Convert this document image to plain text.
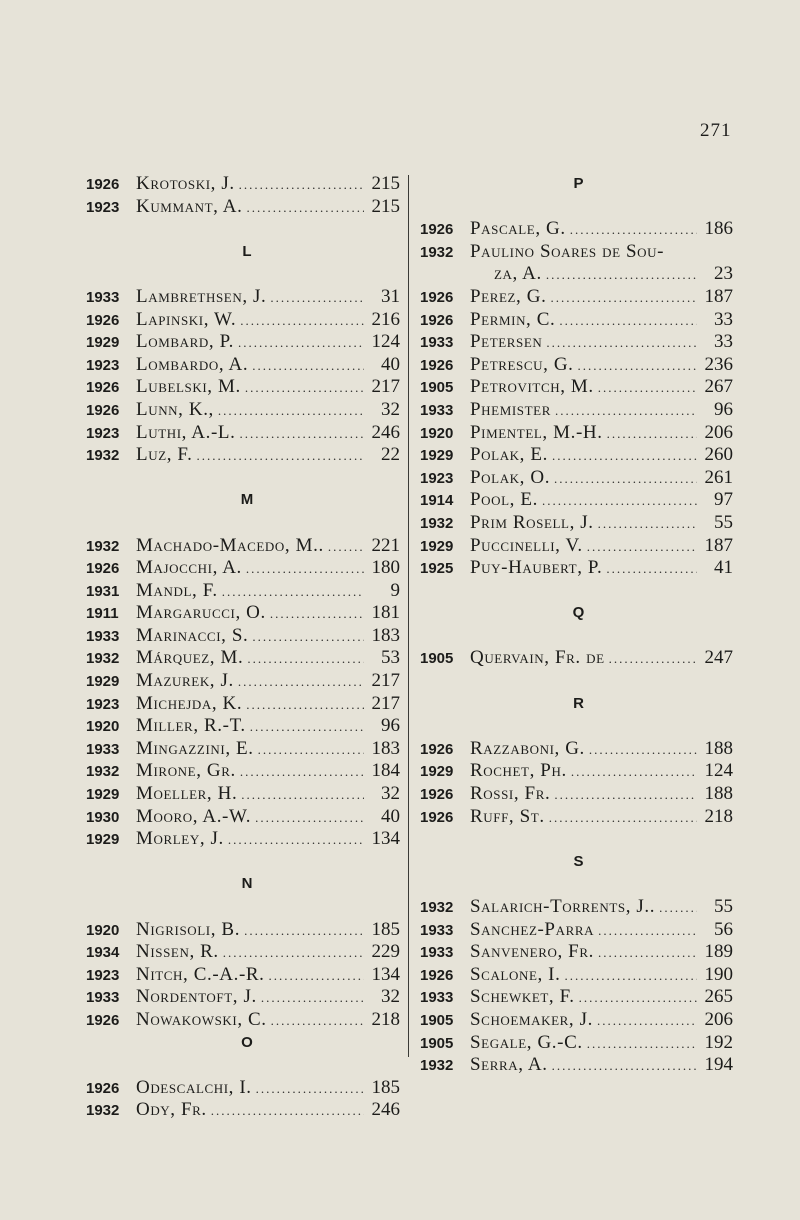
271
1926 Krotoski, J. .....	215
1923 Kummant, A. .....	215
L
1933 Lambrethsen, J. .....	31
1926 Lapinski, W. .....	216
1929 Lombard, P. .....	124
1923 Lombardo, A. .....	40
1926 Lubelski, M. .....	217
1926 Lunn, K., .....	32
1923 Luthi, A.-L. .....	246
1932 Luz, F. .....	22
M
1932 Machado-Macedo, M.. .....	221
1926 Majocchi, A. .....	180
1931 Mandl, F. .....	9
1911 Margarucci, O. .....	181
1933 Marinacci, S. .....	183
1932 Márquez, M. .....	53
1929 Mazurek, J. .....	217
1923 Michejda, K. .....	217
1920 Miller, R.-T. .....	96
1933 Mingazzini, E. .....	183
1932 Mirone, Gr. .....	184
1929 Moeller, H. .....	32
1930 Mooro, A.-W. .....	40
1929 Morley, J. .....	134
N
1920 Nigrisoli, B. .....	185
1934 Nissen, R. .....	229
1923 Nitch, C.-A.-R. .....	134
1933 Nordentoft, J. .....	32
1926 Nowakowski, C. .....	218
O
1926 Odescalchi, I. .....	185
1932 Ody, Fr. .....	246
P
1926 Pascale, G. .....	186
1932 Paulino Soares de Sou-
za, A. .....	23
1926 Perez, G. .....	187
1926 Permin, C. .....	33
1933 Petersen .....	33
1926 Petrescu, G. .....	236
1905 Petrovitch, M. .....	267
1933 Phemister .....	96
1920 Pimentel, M.-H. .....	206
1929 Polak, E. .....	260
1923 Polak, O. .....	261
1914 Pool, E. .....	97
1932 Prim Rosell, J. .....	55
1929 Puccinelli, V. .....	187
1925 Puy-Haubert, P. .....	41
Q
1905 Quervain, Fr. de .....	247
R
1926 Razzaboni, G. .....	188
1929 Rochet, Ph. .....	124
1926 Rossi, Fr. .....	188
1926 Ruff, St. .....	218
S
1932 Salarich-Torrents, J.. .....	55
1933 Sanchez-Parra .....	56
1933 Sanvenero, Fr. .....	189
1926 Scalone, I. .....	190
1933 Schewket, F. .....	265
1905 Schoemaker, J. .....	206
1905 Segale, G.-C. .....	192
1932 Serra, A. .....	194
